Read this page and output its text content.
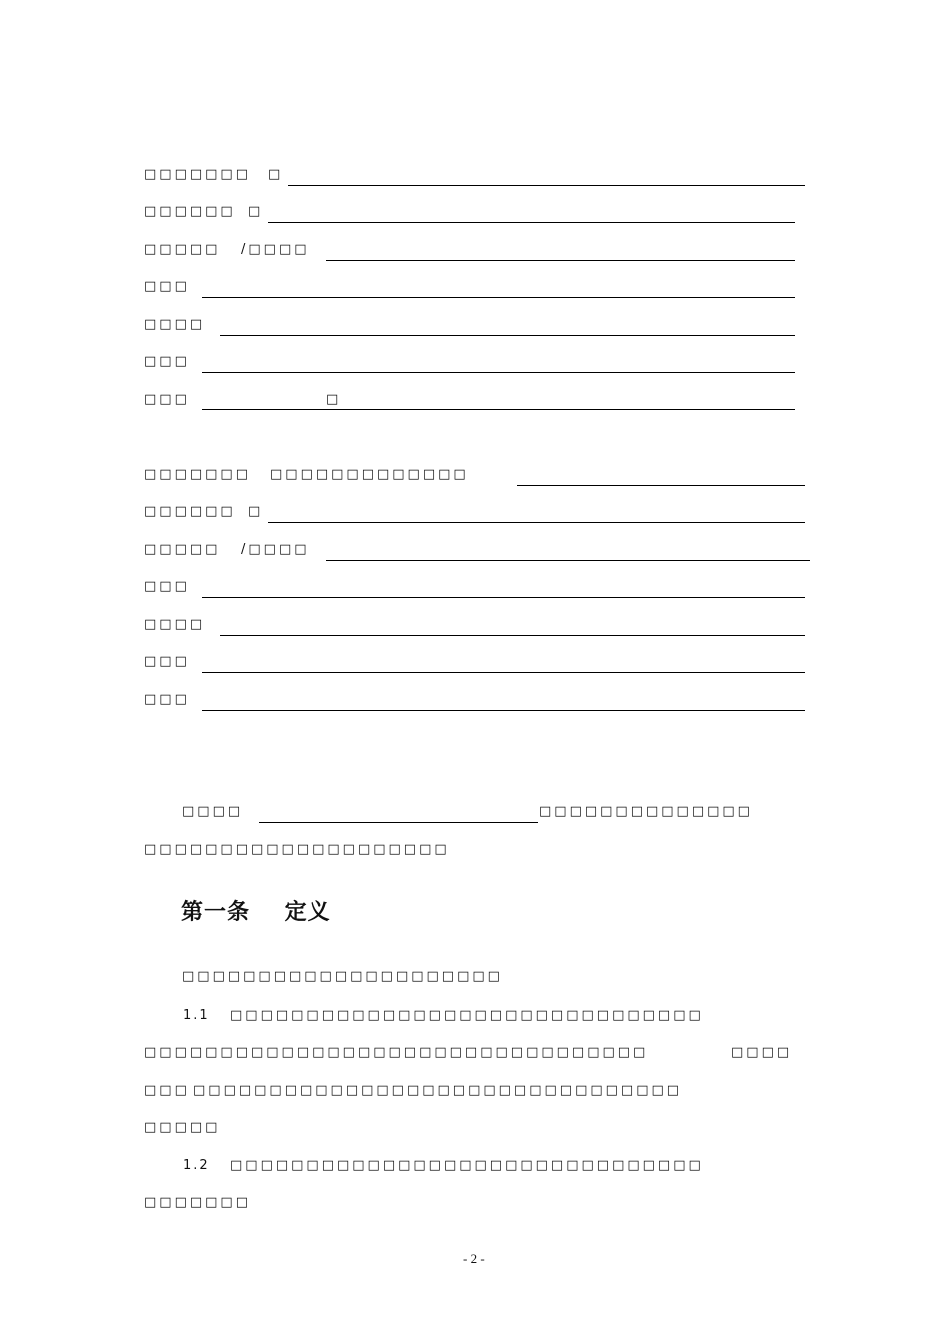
□□□□□□□ □
□□□□□□ □
□□□□□ /□□□□
□□□
□□□□
□□□
□□□	□
□□□□□□□ □□□□□□□□□□□□□
□□□□□□ □
□□□□□ /□□□□
□□□
□□□□
□□□
□□□
□□□□	□□□□□□□□□□□□□□
□□□□□□□□□□□□□□□□□□□□
第一条    定义
□□□□□□□□□□□□□□□□□□□□□
1.1 □□□□□□□□□□□□□□□□□□□□□□□□□□□□□□□
□□□□□□□□□□□□□□□□□□□□□□□□□□□□□□□□□	□□□□
□□□ □□□□□□□□□□□□□□□□□□□□□□□□□□□□□□□□
□□□□□
1.2 □□□□□□□□□□□□□□□□□□□□□□□□□□□□□□□
□□□□□□□
- 2 -
